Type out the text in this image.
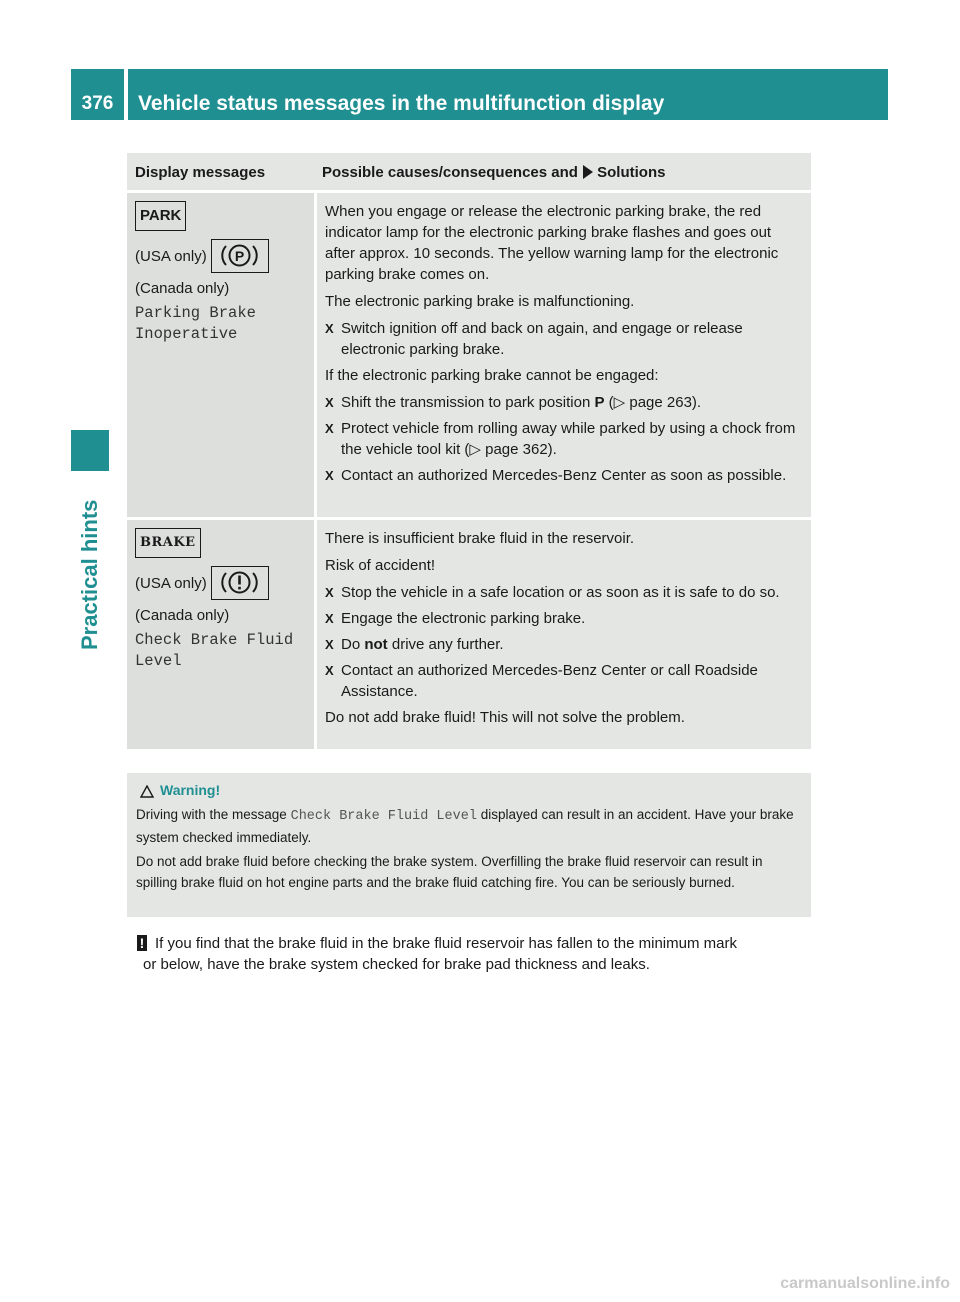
376	Vehicle status messages in the multifunction display
Practical hints
Display messages	Possible causes/consequences and Solutions
PARK
(USA only) P
(Canada only)
Parking Brake
Inoperative
When you engage or release the electronic parking brake, the red indicator lamp for the electronic parking brake flashes and goes out after approx. 10 seconds. The yellow warning lamp for the electronic parking brake comes on.
The electronic parking brake is malfunctioning.
X Switch ignition off and back on again, and engage or release electronic parking brake.
If the electronic parking brake cannot be engaged:
X Shift the transmission to park position P (▷ page 263).
X Protect vehicle from rolling away while parked by using a chock from the vehicle tool kit (▷ page 362).
X Contact an authorized Mercedes-Benz Center as soon as possible.
BRAKE
(USA only)
(Canada only)
Check Brake Fluid
Level
There is insufficient brake fluid in the reservoir.
Risk of accident!
X Stop the vehicle in a safe location or as soon as it is safe to do so.
X Engage the electronic parking brake.
X Do not drive any further.
X Contact an authorized Mercedes-Benz Center or call Roadside Assistance.
Do not add brake fluid! This will not solve the problem.
Warning!
Driving with the message Check Brake Fluid Level displayed can result in an accident. Have your brake system checked immediately.
Do not add brake fluid before checking the brake system. Overfilling the brake fluid reservoir can result in spilling brake fluid on hot engine parts and the brake fluid catching fire. You can be seriously burned.
! If you find that the brake fluid in the brake fluid reservoir has fallen to the minimum mark
or below, have the brake system checked for brake pad thickness and leaks.
carmanualsonline.info
